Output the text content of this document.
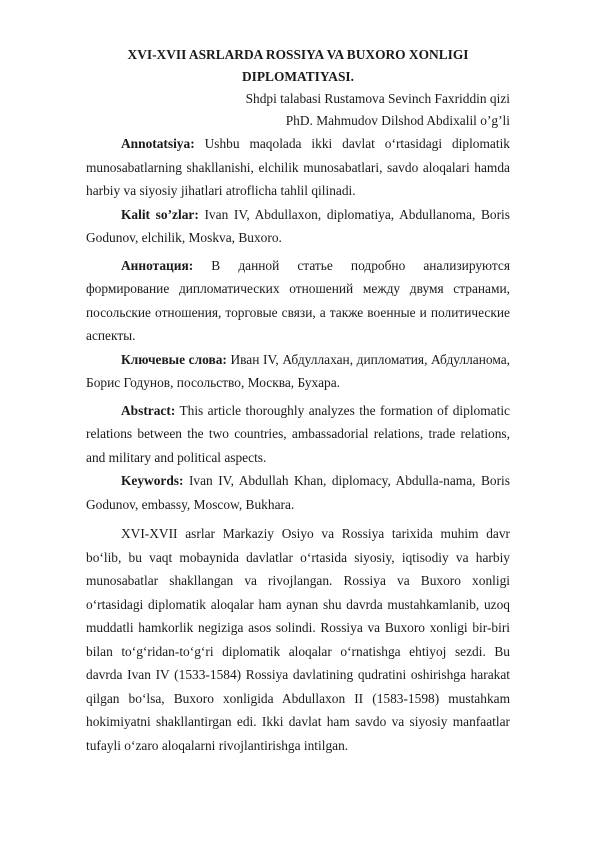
XVI-XVII ASRLARDA ROSSIYA VA BUXORO XONLIGI
DIPLOMATIYASI.

Shdpi talabasi Rustamova Sevinch Faxriddin qizi

PhD. Mahmudov Dilshod Abdixalil o’g’li

Annotatsiya: Ushbu maqolada ikki davlat o‘rtasidagi diplomatik munosabatlarning shakllanishi, elchilik munosabatlari, savdo aloqalari hamda harbiy va siyosiy jihatlari atroflicha tahlil qilinadi.

Kalit so’zlar: Ivan IV, Abdullaxon, diplomatiya, Abdullanoma, Boris Godunov, elchilik, Moskva, Buxoro.

Аннотация: В данной статье подробно анализируются формирование дипломатических отношений между двумя странами, посольские отношения, торговые связи, а также военные и политические аспекты.

Ключевые слова: Иван IV, Абдуллахан, дипломатия, Абдулланома, Борис Годунов, посольство, Москва, Бухара.

Abstract: This article thoroughly analyzes the formation of diplomatic relations between the two countries, ambassadorial relations, trade relations, and military and political aspects.

Keywords: Ivan IV, Abdullah Khan, diplomacy, Abdulla-nama, Boris Godunov, embassy, Moscow, Bukhara.

XVI-XVII asrlar Markaziy Osiyo va Rossiya tarixida muhim davr bo‘lib, bu vaqt mobaynida davlatlar o‘rtasida siyosiy, iqtisodiy va harbiy munosabatlar shakllangan va rivojlangan. Rossiya va Buxoro xonligi o‘rtasidagi diplomatik aloqalar ham aynan shu davrda mustahkamlanib, uzoq muddatli hamkorlik negiziga asos solindi. Rossiya va Buxoro xonligi bir-biri bilan to‘g‘ridan-to‘g‘ri diplomatik aloqalar o‘rnatishga ehtiyoj sezdi. Bu davrda Ivan IV (1533-1584) Rossiya davlatining qudratini oshirishga harakat qilgan bo‘lsa, Buxoro xonligida Abdullaxon II (1583-1598) mustahkam hokimiyatni shakllantirgan edi. Ikki davlat ham savdo va siyosiy manfaatlar tufayli o‘zaro aloqalarni rivojlantirishga intilgan.
